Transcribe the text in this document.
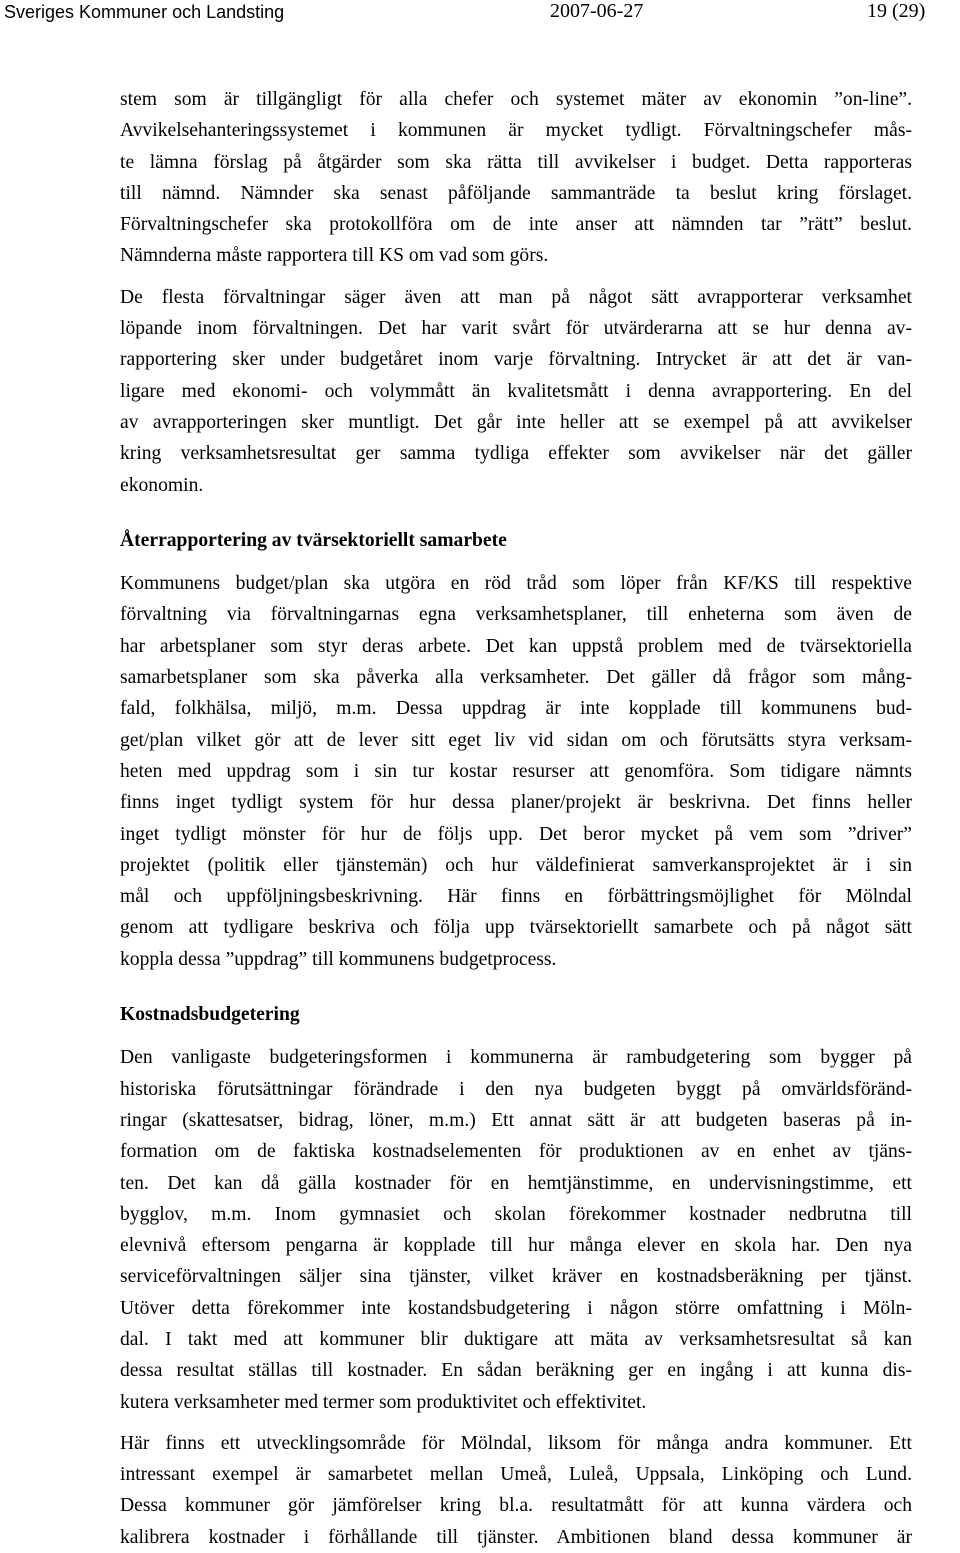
Sveriges Kommuner och Landsting	2007-06-27	19 (29)

stem som är tillgängligt för alla chefer och systemet mäter av ekonomin ”on-line”.
Avvikelsehanteringssystemet i kommunen är mycket tydligt. Förvaltningschefer mås-
te lämna förslag på åtgärder som ska rätta till avvikelser i budget. Detta rapporteras
till nämnd. Nämnder ska senast påföljande sammanträde ta beslut kring förslaget.
Förvaltningschefer ska protokollföra om de inte anser att nämnden tar ”rätt” beslut.
Nämnderna måste rapportera till KS om vad som görs.

De flesta förvaltningar säger även att man på något sätt avrapporterar verksamhet
löpande inom förvaltningen. Det har varit svårt för utvärderarna att se hur denna av-
rapportering sker under budgetåret inom varje förvaltning. Intrycket är att det är van-
ligare med ekonomi- och volymmått än kvalitetsmått i denna avrapportering. En del
av avrapporteringen sker muntligt. Det går inte heller att se exempel på att avvikelser
kring verksamhetsresultat ger samma tydliga effekter som avvikelser när det gäller
ekonomin.

Återrapportering av tvärsektoriellt samarbete

Kommunens budget/plan ska utgöra en röd tråd som löper från KF/KS till respektive
förvaltning via förvaltningarnas egna verksamhetsplaner, till enheterna som även de
har arbetsplaner som styr deras arbete. Det kan uppstå problem med de tvärsektoriella
samarbetsplaner som ska påverka alla verksamheter. Det gäller då frågor som mång-
fald, folkhälsa, miljö, m.m. Dessa uppdrag är inte kopplade till kommunens bud-
get/plan vilket gör att de lever sitt eget liv vid sidan om och förutsätts styra verksam-
heten med uppdrag som i sin tur kostar resurser att genomföra. Som tidigare nämnts
finns inget tydligt system för hur dessa planer/projekt är beskrivna. Det finns heller
inget tydligt mönster för hur de följs upp. Det beror mycket på vem som ”driver”
projektet (politik eller tjänstemän) och hur väldefinierat samverkansprojektet är i sin
mål och uppföljningsbeskrivning. Här finns en förbättringsmöjlighet för Mölndal
genom att tydligare beskriva och följa upp tvärsektoriellt samarbete och på något sätt
koppla dessa ”uppdrag” till kommunens budgetprocess.

Kostnadsbudgetering

Den vanligaste budgeteringsformen i kommunerna är rambudgetering som bygger på
historiska förutsättningar förändrade i den nya budgeten byggt på omvärldsföränd-
ringar (skattesatser, bidrag, löner, m.m.) Ett annat sätt är att budgeten baseras på in-
formation om de faktiska kostnadselementen för produktionen av en enhet av tjäns-
ten. Det kan då gälla kostnader för en hemtjänstimme, en undervisningstimme, ett
bygglov, m.m. Inom gymnasiet och skolan förekommer kostnader nedbrutna till
elevnivå eftersom pengarna är kopplade till hur många elever en skola har. Den nya
serviceförvaltningen säljer sina tjänster, vilket kräver en kostnadsberäkning per tjänst.
Utöver detta förekommer inte kostandsbudgetering i någon större omfattning i Möln-
dal. I takt med att kommuner blir duktigare att mäta av verksamhetsresultat så kan
dessa resultat ställas till kostnader. En sådan beräkning ger en ingång i att kunna dis-
kutera verksamheter med termer som produktivitet och effektivitet.

Här finns ett utvecklingsområde för Mölndal, liksom för många andra kommuner. Ett
intressant exempel är samarbetet mellan Umeå, Luleå, Uppsala, Linköping och Lund.
Dessa kommuner gör jämförelser kring bl.a. resultatmått för att kunna värdera och
kalibrera kostnader i förhållande till tjänster. Ambitionen bland dessa kommuner är
